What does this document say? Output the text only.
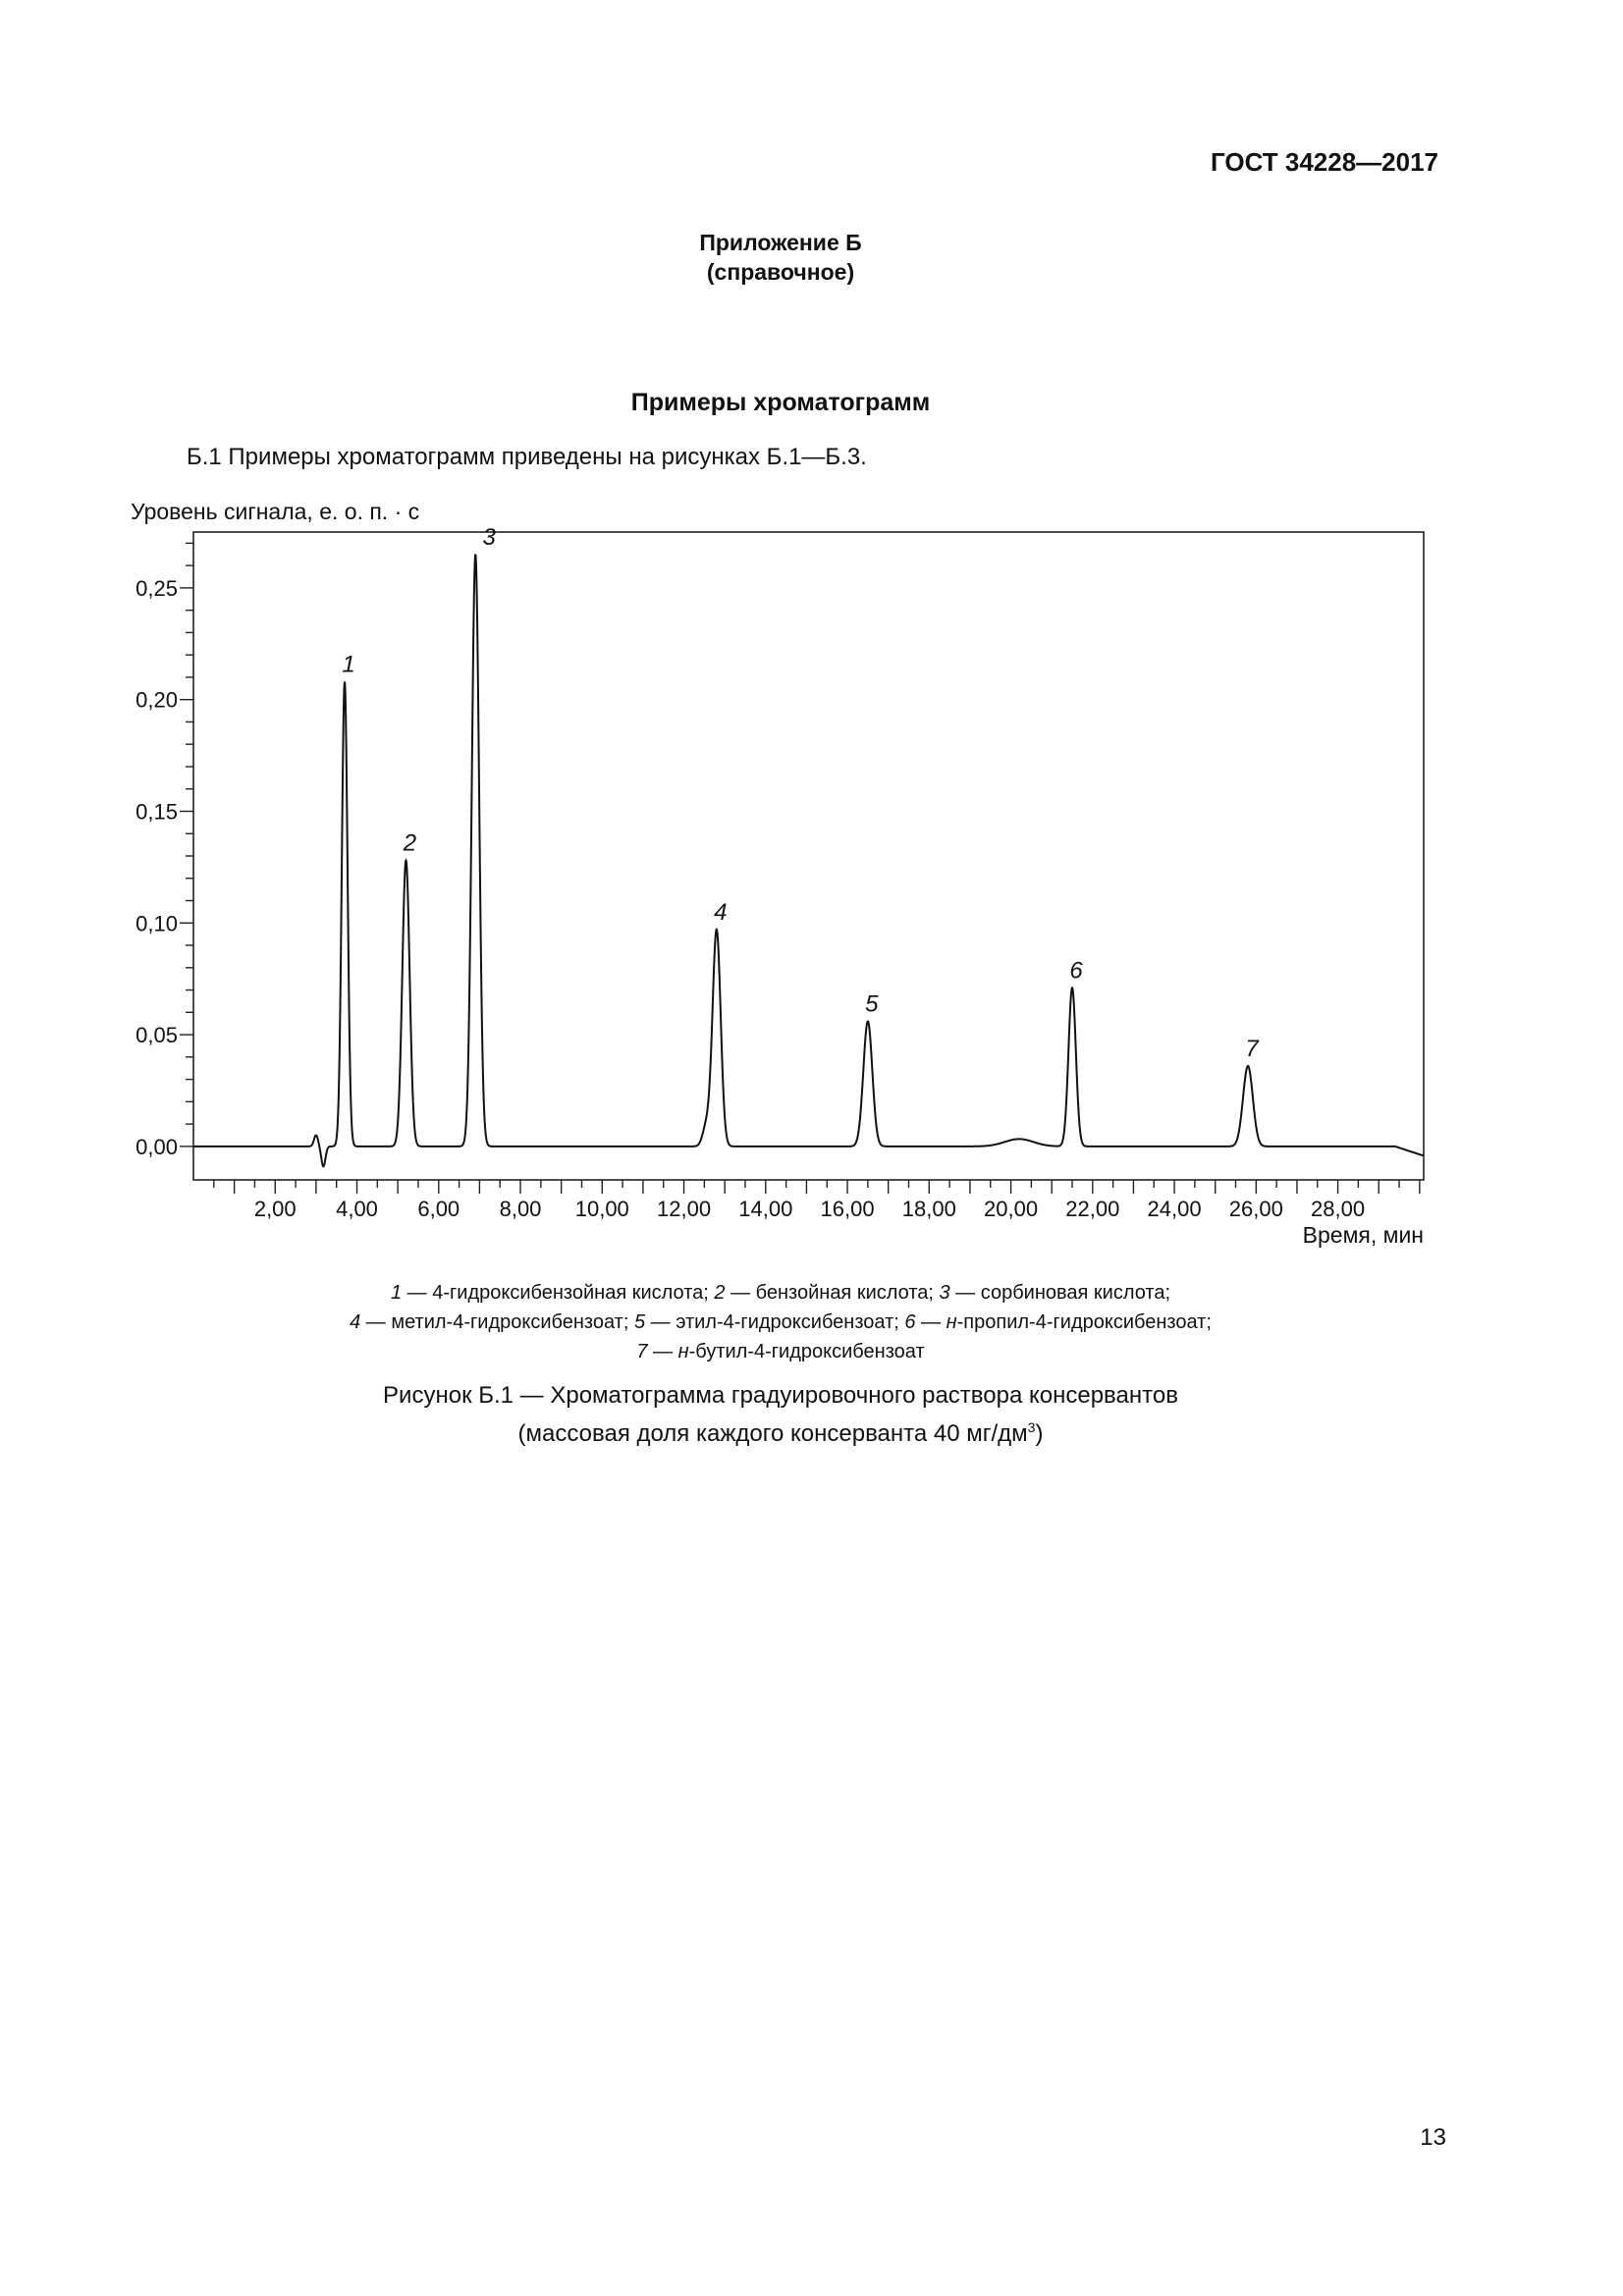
ГОСТ 34228—2017
Приложение Б
(справочное)
Примеры хроматограмм
Б.1 Примеры хроматограмм приведены на рисунках Б.1—Б.3.
Уровень сигнала, е. о. п. · с
0,00
0,05
0,10
0,15
0,20
0,25
2,00 4,00 6,00 8,00 10,00 12,00 14,00 16,00 18,00 20,00 22,00 24,00 26,00 28,00
1
2
3
4
5
6
7
Время, мин
1 — 4-гидроксибензойная кислота; 2 — бензойная кислота; 3 — сорбиновая кислота;
4 — метил-4-гидроксибензоат; 5 — этил-4-гидроксибензоат; 6 — н-пропил-4-гидроксибензоат;
7 — н-бутил-4-гидроксибензоат
Рисунок Б.1 — Хроматограмма градуировочного раствора консервантов
(массовая доля каждого консерванта 40 $мг/дм^3$)
13
